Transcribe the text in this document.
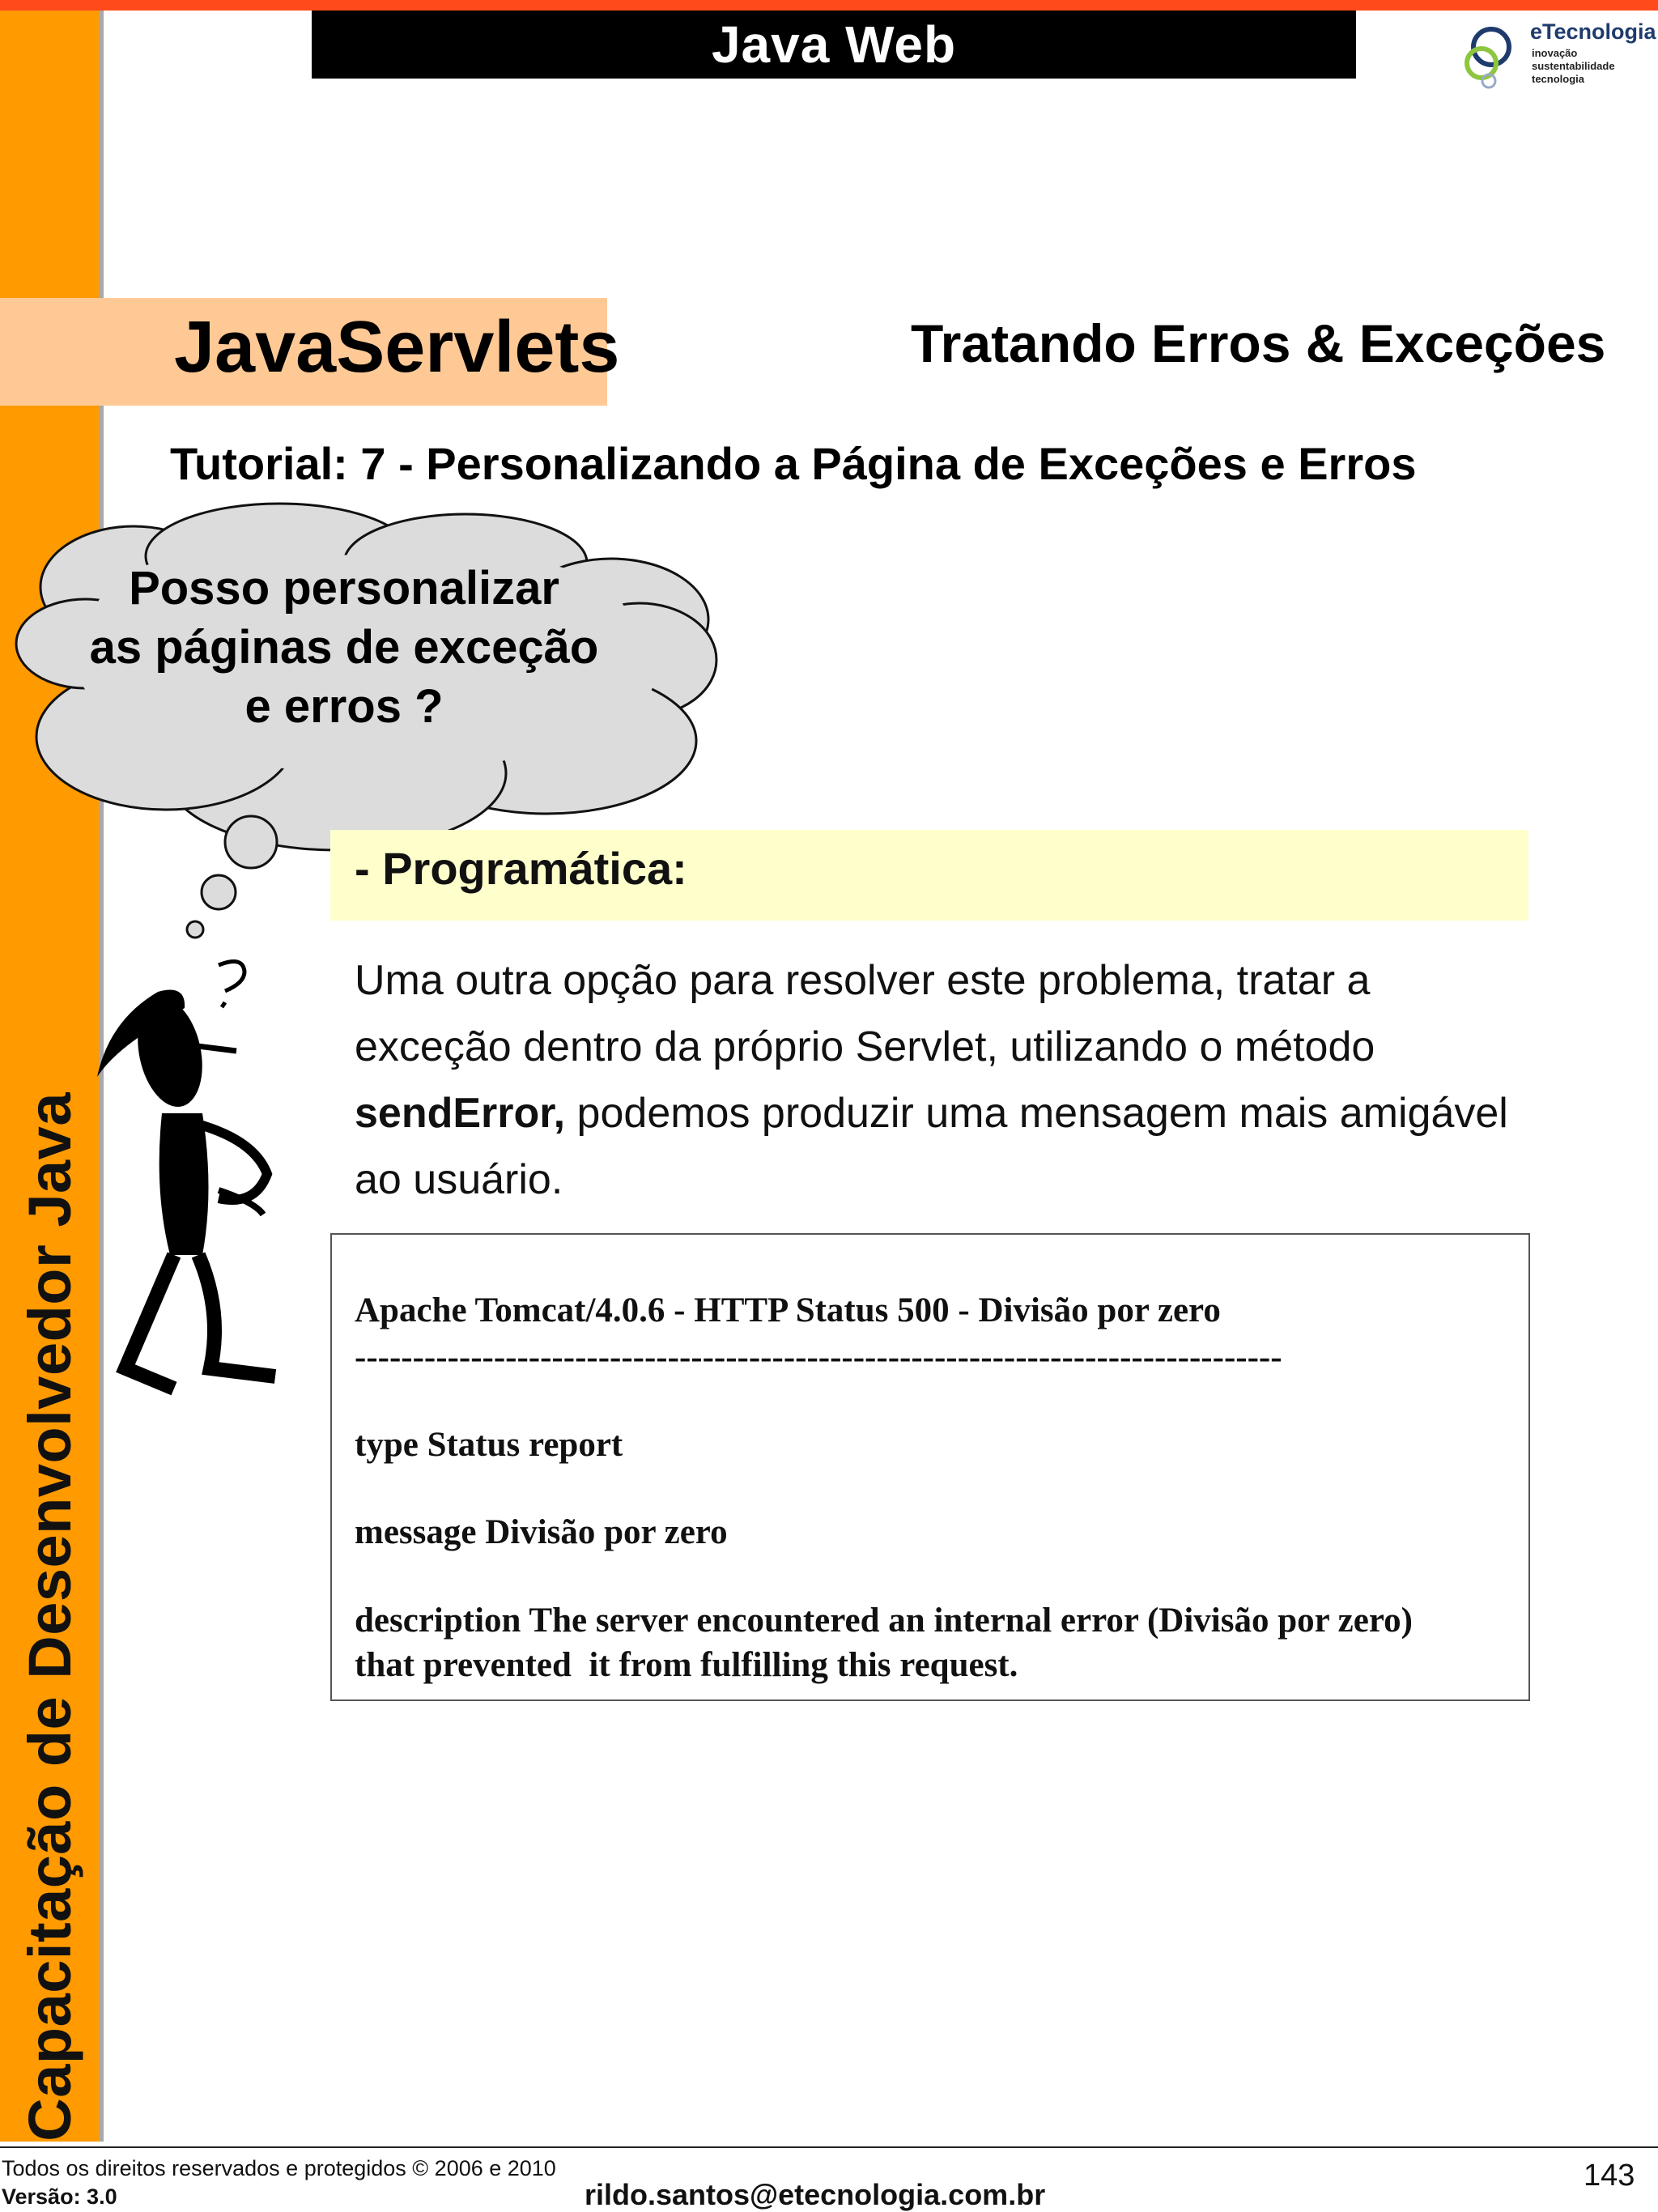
Capacitação de Desenvolvedor Java
Java Web	eTecnologia
inovação
sustentabilidade
tecnologia
JavaServlets	Tratando Erros & Exceções
Tutorial: 7 - Personalizando a Página de Exceções e Erros
Posso personalizar
as páginas de exceção
e erros ?
- Programática:
Uma outra opção para resolver este problema, tratar a exceção dentro da próprio Servlet, utilizando o método sendError, podemos produzir uma mensagem mais amigável ao usuário.
Apache Tomcat/4.0.6 - HTTP Status 500 - Divisão por zero
--------------------------------------------------------------------------------
type Status report
message Divisão por zero
description The server encountered an internal error (Divisão por zero)
that prevented  it from fulfilling this request.
Todos os direitos reservados e protegidos © 2006 e 2010
Versão: 3.0	rildo.santos@etecnologia.com.br
143
